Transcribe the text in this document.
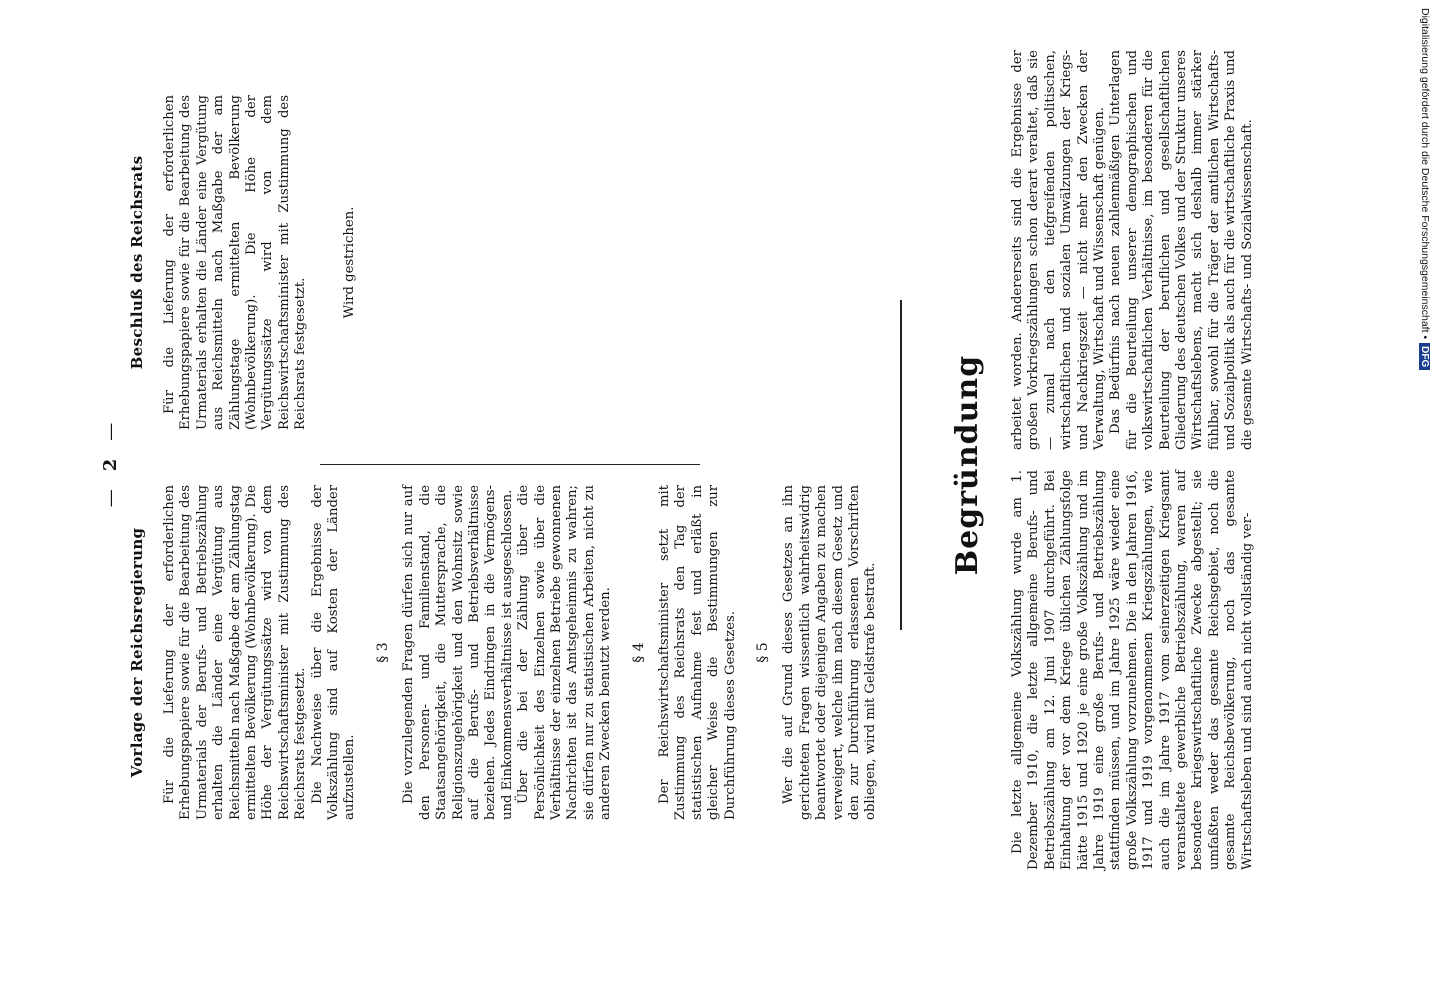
—2—
Vorlage der Reichsregierung Für die Lieferung der erforderlichen Erhebungspapiere sowie für die Bearbeitung des Urmaterials der Berufs- und Betriebszählung erhalten die Länder eine Vergütung aus Reichsmitteln nach Maßgabe der am Zählungstag ermittelten Bevölkerung (Wohnbevölkerung). Die Höhe der Vergütungssätze wird von dem Reichswirtschaftsminister mit Zustimmung des Reichsrats festgesetzt. Die Nachweise über die Ergebnisse der Volkszählung sind auf Kosten der Länder aufzustellen.

§ 3 Die vorzulegenden Fragen dürfen sich nur auf den Personen- und Familienstand, die Staatsangehörigkeit, die Muttersprache, die Religionszugehörigkeit und den Wohnsitz sowie auf die Berufs- und Betriebsverhältnisse beziehen. Jedes Eindringen in die Vermögens- und Einkommensverhältnisse ist ausgeschlossen. Über die bei der Zählung über die Persönlichkeit des Einzelnen sowie über die Verhältnisse der einzelnen Betriebe gewonnenen Nachrichten ist das Amtsgeheimnis zu wahren; sie dürfen nur zu statistischen Arbeiten, nicht zu anderen Zwecken benutzt werden. § 4 Der Reichswirtschaftsminister setzt mit Zustimmung des Reichsrats den Tag der statistischen Aufnahme fest und erläßt in gleicher Weise die Bestimmungen zur Durchführung dieses Gesetzes. § 5 Wer die auf Grund dieses Gesetzes an ihn gerichteten Fragen wissentlich wahrheitswidrig beantwortet oder diejenigen Angaben zu machen verweigert, welche ihm nach diesem Gesetz und den zur Durchführung erlassenen Vorschriften obliegen, wird mit Geldstrafe bestraft.

Beschluß des Reichsrats Für die Lieferung der erforderlichen Erhebungspapiere sowie für die Bearbeitung des Urmaterials erhalten die Länder eine Vergütung aus Reichsmitteln nach Maßgabe der am Zählungstage ermittelten Bevölkerung (Wohnbevölkerung). Die Höhe der Vergütungssätze wird von dem Reichswirtschaftsminister mit Zustimmung des Reichsrats festgesetzt.

Wird gestrichen.

Begründung

Die letzte allgemeine Volkszählung wurde am 1. Dezember 1910, die letzte allgemeine Berufs- und Betriebszählung am 12. Juni 1907 durchgeführt. Bei Einhaltung der vor dem Kriege üblichen Zählungsfolge hätte 1915 und 1920 je eine große Volkszählung und im Jahre 1919 eine große Berufs- und Betriebszählung stattfinden müssen, und im Jahre 1925 wäre wieder eine große Volkszählung vorzunehmen. Die in den Jahren 1916, 1917 und 1919 vorgenommenen Kriegszählungen, wie auch die im Jahre 1917 vom seinerzeitigen Kriegsamt veranstaltete gewerbliche Betriebszählung, waren auf besondere kriegswirtschaftliche Zwecke abgestellt; sie umfaßten weder das gesamte Reichsgebiet, noch die gesamte Reichsbevölkerung, noch das gesamte Wirtschaftsleben und sind auch nicht vollständig ver-

arbeitet worden. Andererseits sind die Ergebnisse der großen Vorkriegszählungen schon derart veraltet, daß sie — zumal nach den tiefgreifenden politischen, wirtschaftlichen und sozialen Umwälzungen der Kriegs- und Nachkriegszeit — nicht mehr den Zwecken der Verwaltung, Wirtschaft und Wissenschaft genügen. Das Bedürfnis nach neuen zahlenmäßigen Unterlagen für die Beurteilung unserer demographischen und volkswirtschaftlichen Verhältnisse, im besonderen für die Beurteilung der beruflichen und gesellschaftlichen Gliederung des deutschen Volkes und der Struktur unseres Wirtschaftslebens, macht sich deshalb immer stärker fühlbar, sowohl für die Träger der amtlichen Wirtschafts- und Sozialpolitik als auch für die wirtschaftliche Praxis und die gesamte Wirtschafts- und Sozialwissenschaft.	Digitalisierung gefördert durch die Deutsche Forschungsgemeinschaft •DFG
